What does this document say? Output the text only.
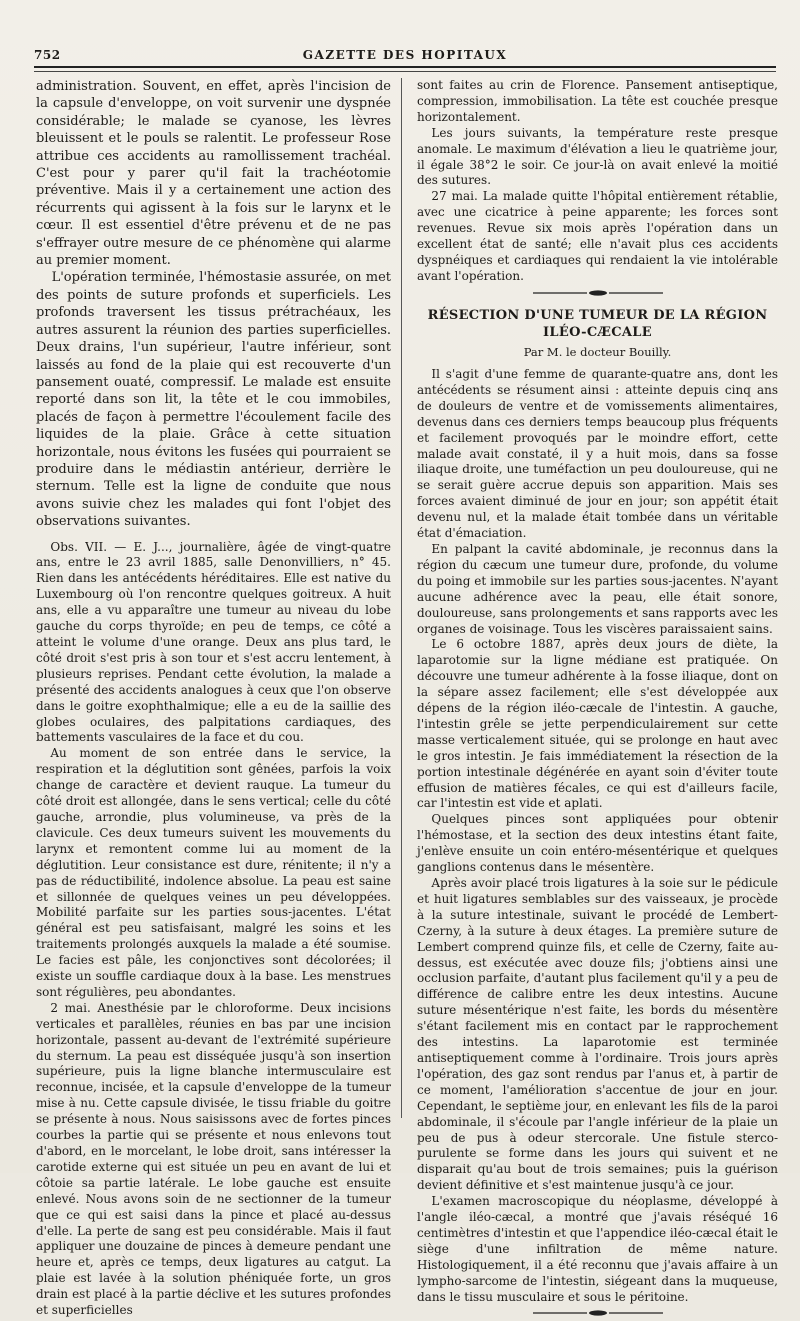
752	GAZETTE DES HOPITAUX

administration. Souvent, en effet, après l'incision de la capsule d'enveloppe, on voit survenir une dyspnée considérable; le malade se cyanose, les lèvres bleuissent et le pouls se ralentit. Le professeur Rose attribue ces accidents au ramollissement trachéal. C'est pour y parer qu'il fait la trachéotomie préventive. Mais il y a certainement une action des récurrents qui agissent à la fois sur le larynx et le cœur. Il est essentiel d'être prévenu et de ne pas s'effrayer outre mesure de ce phénomène qui alarme au premier moment.

L'opération terminée, l'hémostasie assurée, on met des points de suture profonds et superficiels. Les profonds traversent les tissus prétrachéaux, les autres assurent la réunion des parties superficielles. Deux drains, l'un supérieur, l'autre inférieur, sont laissés au fond de la plaie qui est recouverte d'un pansement ouaté, compressif. Le malade est ensuite reporté dans son lit, la tête et le cou immobiles, placés de façon à permettre l'écoulement facile des liquides de la plaie. Grâce à cette situation horizontale, nous évitons les fusées qui pourraient se produire dans le médiastin antérieur, derrière le sternum. Telle est la ligne de conduite que nous avons suivie chez les malades qui font l'objet des observations suivantes.

Obs. VII. — E. J..., journalière, âgée de vingt-quatre ans, entre le 23 avril 1885, salle Denonvilliers, n° 45. Rien dans les antécédents héréditaires. Elle est native du Luxembourg où l'on rencontre quelques goitreux. A huit ans, elle a vu apparaître une tumeur au niveau du lobe gauche du corps thyroïde; en peu de temps, ce côté a atteint le volume d'une orange. Deux ans plus tard, le côté droit s'est pris à son tour et s'est accru lentement, à plusieurs reprises. Pendant cette évolution, la malade a présenté des accidents analogues à ceux que l'on observe dans le goitre exophthalmique; elle a eu de la saillie des globes oculaires, des palpitations cardiaques, des battements vasculaires de la face et du cou.

Au moment de son entrée dans le service, la respiration et la déglutition sont gênées, parfois la voix change de caractère et devient rauque. La tumeur du côté droit est allongée, dans le sens vertical; celle du côté gauche, arrondie, plus volumineuse, va près de la clavicule. Ces deux tumeurs suivent les mouvements du larynx et remontent comme lui au moment de la déglutition. Leur consistance est dure, rénitente; il n'y a pas de réductibilité, indolence absolue. La peau est saine et sillonnée de quelques veines un peu développées. Mobilité parfaite sur les parties sous-jacentes. L'état général est peu satisfaisant, malgré les soins et les traitements prolongés auxquels la malade a été soumise. Le facies est pâle, les conjonctives sont décolorées; il existe un souffle cardiaque doux à la base. Les menstrues sont régulières, peu abondantes.

2 mai. Anesthésie par le chloroforme. Deux incisions verticales et parallèles, réunies en bas par une incision horizontale, passent au-devant de l'extrémité supérieure du sternum. La peau est disséquée jusqu'à son insertion supérieure, puis la ligne blanche intermusculaire est reconnue, incisée, et la capsule d'enveloppe de la tumeur mise à nu. Cette capsule divisée, le tissu friable du goitre se présente à nous. Nous saisissons avec de fortes pinces courbes la partie qui se présente et nous enlevons tout d'abord, en le morcelant, le lobe droit, sans intéresser la carotide externe qui est située un peu en avant de lui et côtoie sa partie latérale. Le lobe gauche est ensuite enlevé. Nous avons soin de ne sectionner de la tumeur que ce qui est saisi dans la pince et placé au-dessus d'elle. La perte de sang est peu considérable. Mais il faut appliquer une douzaine de pinces à demeure pendant une heure et, après ce temps, deux ligatures au catgut. La plaie est lavée à la solution phéniquée forte, un gros drain est placé à la partie déclive et les sutures profondes et superficielles

sont faites au crin de Florence. Pansement antiseptique, compression, immobilisation. La tête est couchée presque horizontalement.

Les jours suivants, la température reste presque anomale. Le maximum d'élévation a lieu le quatrième jour, il égale 38°2 le soir. Ce jour-là on avait enlevé la moitié des sutures.

27 mai. La malade quitte l'hôpital entièrement rétablie, avec une cicatrice à peine apparente; les forces sont revenues. Revue six mois après l'opération dans un excellent état de santé; elle n'avait plus ces accidents dyspnéiques et cardiaques qui rendaient la vie intolérable avant l'opération.

RÉSECTION D'UNE TUMEUR DE LA RÉGION ILÉO-CÆCALE
Par M. le docteur Bouilly.

Il s'agit d'une femme de quarante-quatre ans, dont les antécédents se résument ainsi : atteinte depuis cinq ans de douleurs de ventre et de vomissements alimentaires, devenus dans ces derniers temps beaucoup plus fréquents et facilement provoqués par le moindre effort, cette malade avait constaté, il y a huit mois, dans sa fosse iliaque droite, une tuméfaction un peu douloureuse, qui ne se serait guère accrue depuis son apparition. Mais ses forces avaient diminué de jour en jour; son appétit était devenu nul, et la malade était tombée dans un véritable état d'émaciation.

En palpant la cavité abdominale, je reconnus dans la région du cæcum une tumeur dure, profonde, du volume du poing et immobile sur les parties sous-jacentes. N'ayant aucune adhérence avec la peau, elle était sonore, douloureuse, sans prolongements et sans rapports avec les organes de voisinage. Tous les viscères paraissaient sains.

Le 6 octobre 1887, après deux jours de diète, la laparotomie sur la ligne médiane est pratiquée. On découvre une tumeur adhérente à la fosse iliaque, dont on la sépare assez facilement; elle s'est développée aux dépens de la région iléo-cæcale de l'intestin. A gauche, l'intestin grêle se jette perpendiculairement sur cette masse verticalement située, qui se prolonge en haut avec le gros intestin. Je fais immédiatement la résection de la portion intestinale dégénérée en ayant soin d'éviter toute effusion de matières fécales, ce qui est d'ailleurs facile, car l'intestin est vide et aplati.

Quelques pinces sont appliquées pour obtenir l'hémostase, et la section des deux intestins étant faite, j'enlève ensuite un coin entéro-mésentérique et quelques ganglions contenus dans le mésentère.

Après avoir placé trois ligatures à la soie sur le pédicule et huit ligatures semblables sur des vaisseaux, je procède à la suture intestinale, suivant le procédé de Lembert-Czerny, à la suture à deux étages. La première suture de Lembert comprend quinze fils, et celle de Czerny, faite au-dessus, est exécutée avec douze fils; j'obtiens ainsi une occlusion parfaite, d'autant plus facilement qu'il y a peu de différence de calibre entre les deux intestins. Aucune suture mésentérique n'est faite, les bords du mésentère s'étant facilement mis en contact par le rapprochement des intestins. La laparotomie est terminée antiseptiquement comme à l'ordinaire. Trois jours après l'opération, des gaz sont rendus par l'anus et, à partir de ce moment, l'amélioration s'accentue de jour en jour. Cependant, le septième jour, en enlevant les fils de la paroi abdominale, il s'écoule par l'angle inférieur de la plaie un peu de pus à odeur stercorale. Une fistule sterco-purulente se forme dans les jours qui suivent et ne disparait qu'au bout de trois semaines; puis la guérison devient définitive et s'est maintenue jusqu'à ce jour.

L'examen macroscopique du néoplasme, développé à l'angle iléo-cæcal, a montré que j'avais réséqué 16 centimètres d'intestin et que l'appendice iléo-cæcal était le siège d'une infiltration de même nature. Histologiquement, il a été reconnu que j'avais affaire à un lympho-sarcome de l'intestin, siégeant dans la muqueuse, dans le tissu musculaire et sous le péritoine.
